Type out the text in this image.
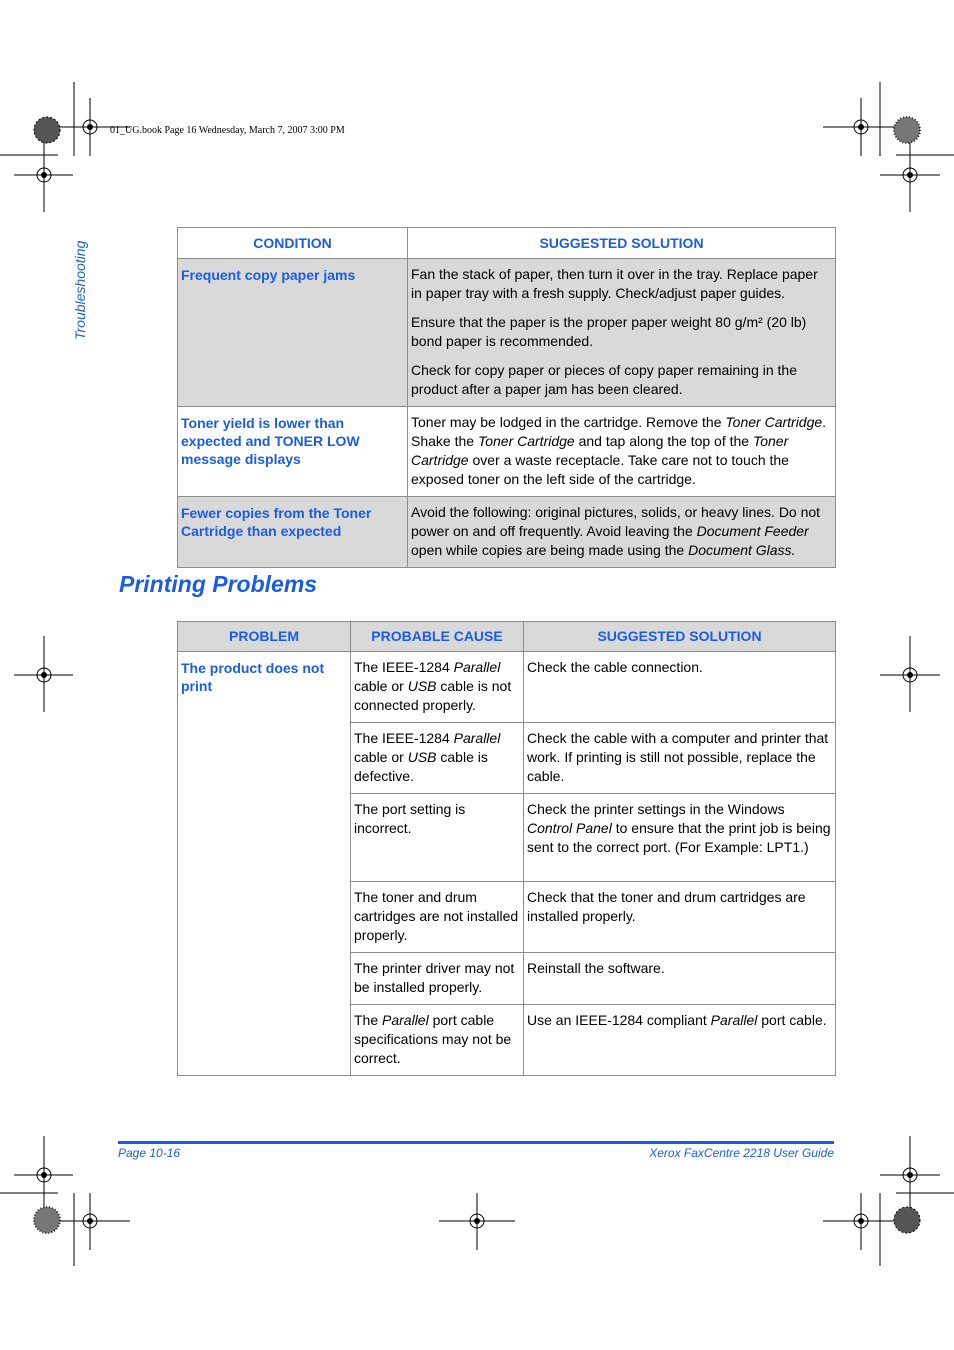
01_UG.book Page 16 Wednesday, March 7, 2007 3:00 PM
Troubleshooting	CONDITION	SUGGESTED SOLUTION
Frequent copy paper jams	Fan the stack of paper, then turn it over in the tray. Replace paper in paper tray with a fresh supply. Check/adjust paper guides.

Ensure that the paper is the proper paper weight 80 g/m² (20 lb) bond paper is recommended.

Check for copy paper or pieces of copy paper remaining in the product after a paper jam has been cleared.

Toner yield is lower than expected and TONER LOW message displays	Toner may be lodged in the cartridge. Remove the Toner Cartridge. Shake the Toner Cartridge and tap along the top of the Toner Cartridge over a waste receptacle. Take care not to touch the exposed toner on the left side of the cartridge.
Fewer copies from the Toner Cartridge than expected	Avoid the following: original pictures, solids, or heavy lines. Do not power on and off frequently. Avoid leaving the Document Feeder open while copies are being made using the Document Glass.
Printing Problems
PROBLEM	PROBABLE CAUSE	SUGGESTED SOLUTION
The product does not print	The IEEE-1284 Parallel cable or USB cable is not connected properly.	Check the cable connection.
	The IEEE-1284 Parallel cable or USB cable is defective.	Check the cable with a computer and printer that work. If printing is still not possible, replace the cable.
	The port setting is incorrect.	Check the printer settings in the Windows Control Panel to ensure that the print job is being sent to the correct port. (For Example: LPT1.)
	The toner and drum cartridges are not installed properly.	Check that the toner and drum cartridges are installed properly.
	The printer driver may not be installed properly.	Reinstall the software.
	The Parallel port cable specifications may not be correct.	Use an IEEE-1284 compliant Parallel port cable.
Page 10-16	Xerox FaxCentre 2218 User Guide
